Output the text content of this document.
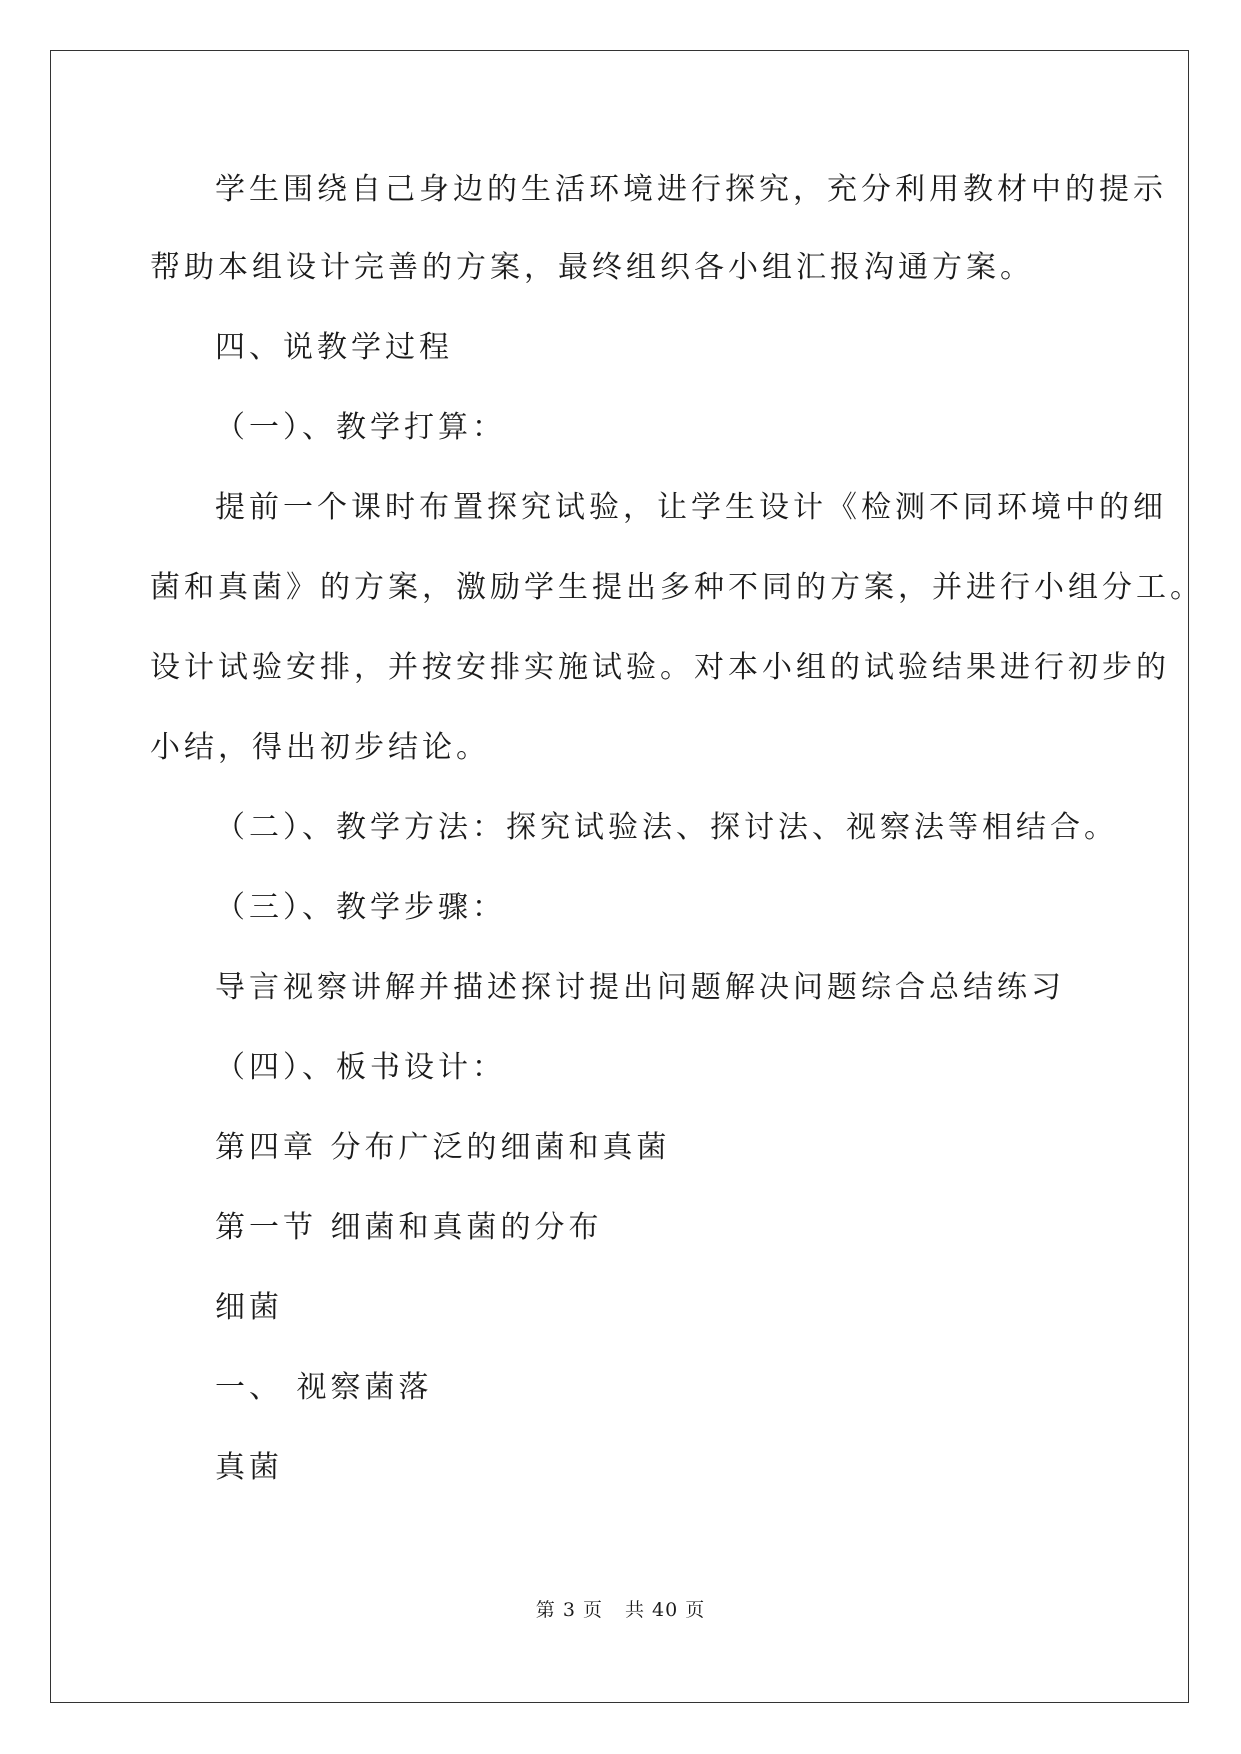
学生围绕自己身边的生活环境进行探究，充分利用教材中的提示
帮助本组设计完善的方案，最终组织各小组汇报沟通方案。
四、说教学过程
（一）、教学打算：
提前一个课时布置探究试验，让学生设计《检测不同环境中的细
菌和真菌》的方案，激励学生提出多种不同的方案，并进行小组分工。
设计试验安排，并按安排实施试验。对本小组的试验结果进行初步的
小结，得出初步结论。
（二）、教学方法：探究试验法、探讨法、视察法等相结合。
（三）、教学步骤：
导言视察讲解并描述探讨提出问题解决问题综合总结练习
（四）、板书设计：
第四章 分布广泛的细菌和真菌
第一节 细菌和真菌的分布
细菌
一、 视察菌落
真菌
第 3 页 共 40 页
